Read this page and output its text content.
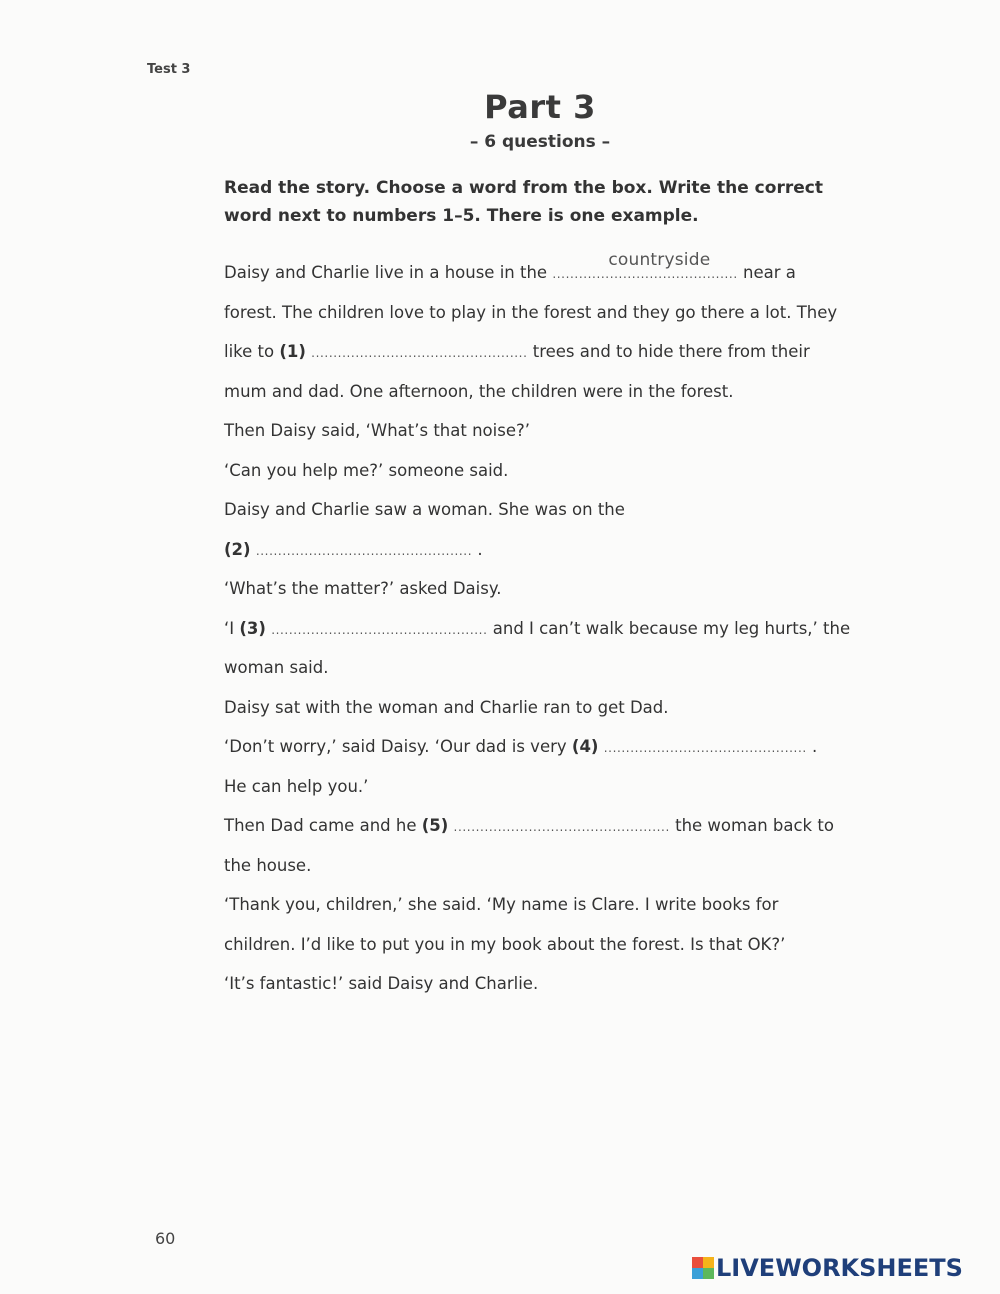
Test 3
Part 3
– 6 questions –
Read the story. Choose a word from the box. Write the correct
word next to numbers 1–5. There is one example.
Daisy and Charlie live in a house in the ..........................................
countryside
near a
forest. The children love to play in the forest and they go there a lot. They
like to (1) ................................................. trees and to hide there from their
mum and dad. One afternoon, the children were in the forest.
Then Daisy said, ‘What’s that noise?’
‘Can you help me?’ someone said.
Daisy and Charlie saw a woman. She was on the
(2) ................................................. .
‘What’s the matter?’ asked Daisy.
‘I (3) ................................................. and I can’t walk because my leg hurts,’ the
woman said.
Daisy sat with the woman and Charlie ran to get Dad.
‘Don’t worry,’ said Daisy. ‘Our dad is very (4) .............................................. .
He can help you.’
Then Dad came and he (5) ................................................. the woman back to
the house.
‘Thank you, children,’ she said. ‘My name is Clare. I write books for
children. I’d like to put you in my book about the forest. Is that OK?’
‘It’s fantastic!’ said Daisy and Charlie.
60
LIVEWORKSHEETS
